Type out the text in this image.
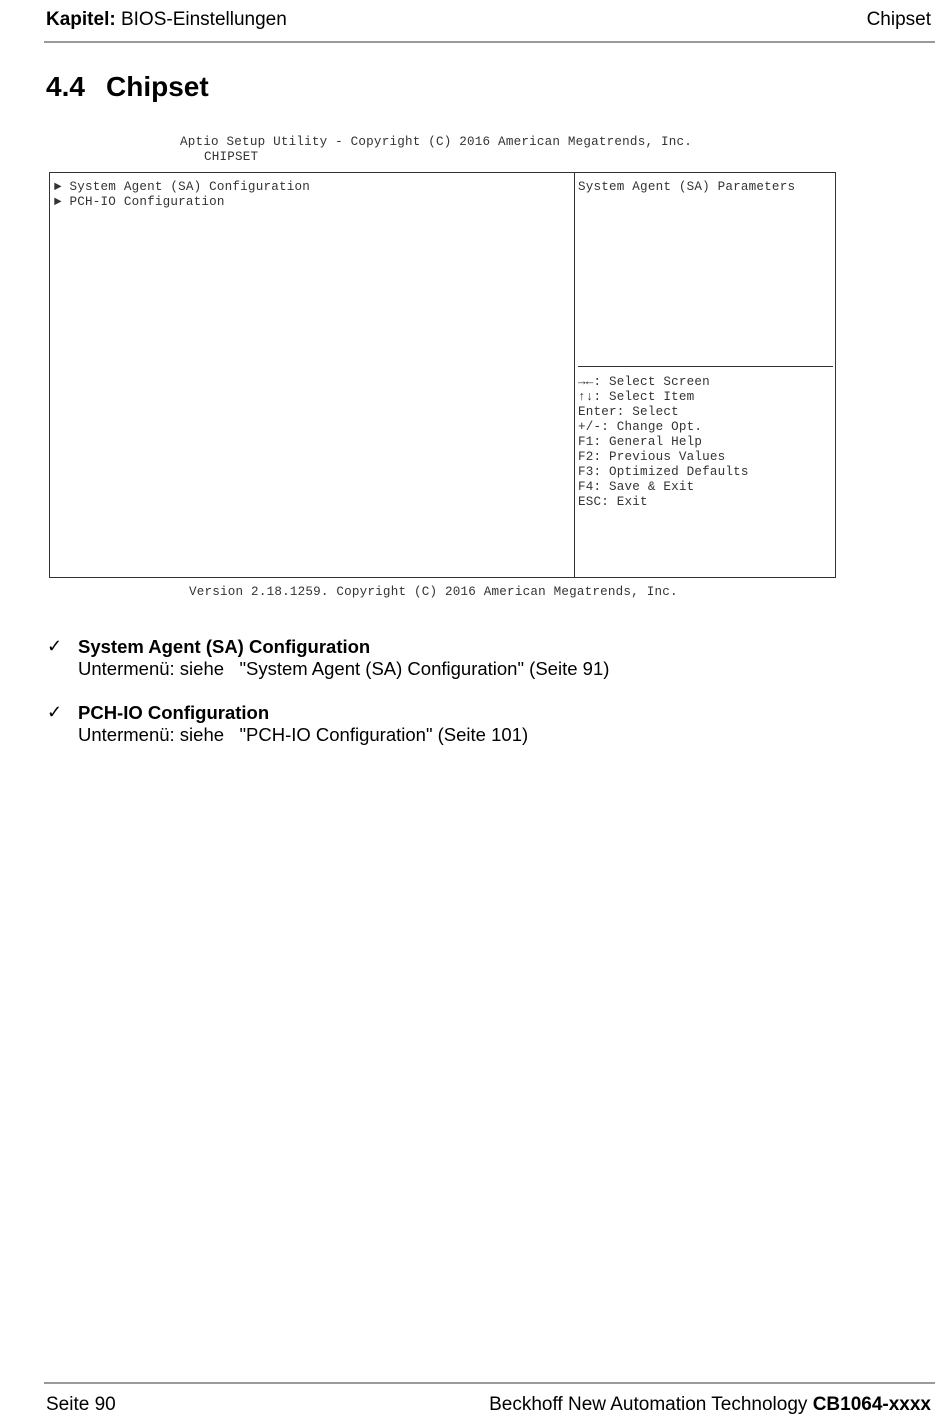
Kapitel: BIOS-Einstellungen	Chipset
4.4 Chipset
Aptio Setup Utility - Copyright (C) 2016 American Megatrends, Inc.
CHIPSET
► System Agent (SA) Configuration
► PCH-IO Configuration
System Agent (SA) Parameters
→←: Select Screen
↑↓: Select Item
Enter: Select
+/-: Change Opt.
F1: General Help
F2: Previous Values
F3: Optimized Defaults
F4: Save & Exit
ESC: Exit
Version 2.18.1259. Copyright (C) 2016 American Megatrends, Inc.
✓ System Agent (SA) Configuration
Untermenü: siehe   "System Agent (SA) Configuration" (Seite 91)
✓ PCH-IO Configuration
Untermenü: siehe   "PCH-IO Configuration" (Seite 101)
Seite 90	Beckhoff New Automation Technology CB1064-xxxx
